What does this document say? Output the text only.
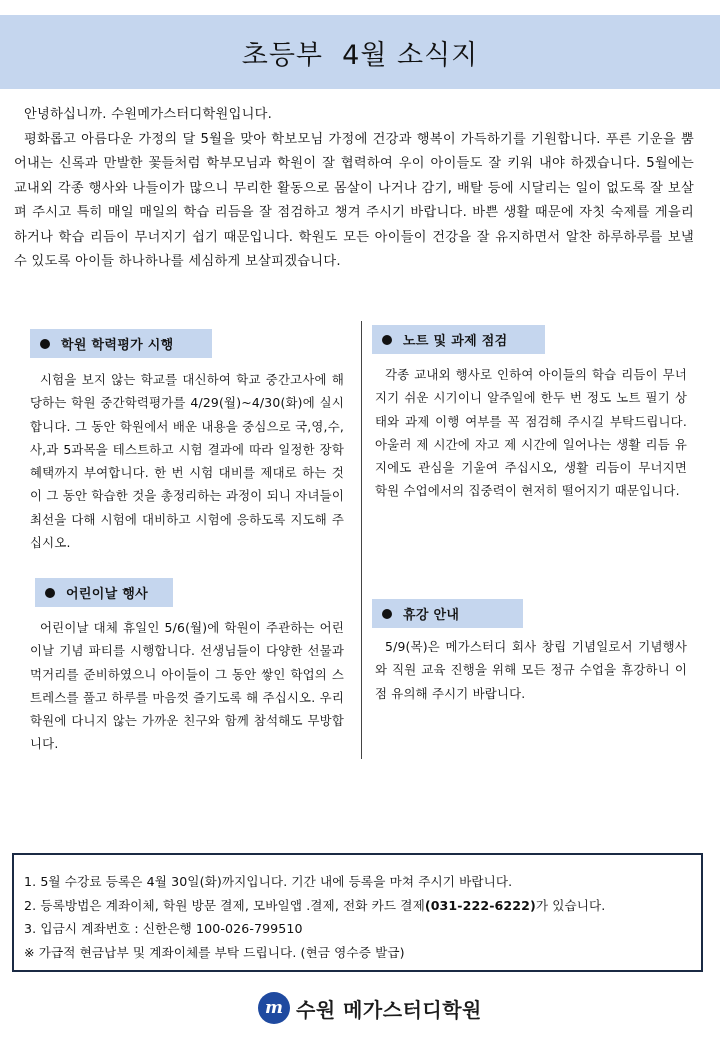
초등부  4월 소식지

안녕하십니까. 수원메가스터디학원입니다.

평화롭고 아름다운 가정의 달 5월을 맞아 학보모님 가정에 건강과 행복이 가득하기를 기원합니다. 푸른 기운을 뿜어내는 신록과 만발한 꽃들처럼 학부모님과 학원이 잘 협력하여 우이 아이들도 잘 키워 내야 하겠습니다. 5월에는 교내외 각종 행사와 나들이가 많으니 무리한 활동으로 몸살이 나거나 감기, 배탈 등에 시달리는 일이 없도록 잘 보살펴 주시고 특히 매일 매일의 학습 리듬을 잘 점검하고 챙겨 주시기 바랍니다. 바쁜 생활 때문에 자칫 숙제를 게을리하거나 학습 리듬이 무너지기 쉽기 때문입니다. 학원도 모든 아이들이 건강을 잘 유지하면서 알찬 하루하루를 보낼 수 있도록 아이들 하나하나를 세심하게 보살피겠습니다.

학원 학력평가 시행
시험을 보지 않는 학교를 대신하여 학교 중간고사에 해당하는 학원 중간학력평가를 4/29(월)~4/30(화)에 실시합니다. 그 동안 학원에서 배운 내용을 중심으로 국,영,수,사,과 5과목을 테스트하고 시험 결과에 따라 일정한 장학 혜택까지 부여합니다. 한 번 시험 대비를 제대로 하는 것이 그 동안 학습한 것을 총정리하는 과정이 되니 자녀들이 최선을 다해 시험에 대비하고 시험에 응하도록 지도해 주십시오.
어린이날 행사
어린이날 대체 휴일인 5/6(월)에 학원이 주관하는 어린이날 기념 파티를 시행합니다. 선생님들이 다양한 선물과 먹거리를 준비하였으니 아이들이 그 동안 쌓인 학업의 스트레스를 풀고 하루를 마음껏 즐기도록 해 주십시오. 우리 학원에 다니지 않는 가까운 친구와 함께 참석해도 무방합니다.
노트 및 과제 점검
각종 교내외 행사로 인하여 아이들의 학습 리듬이 무너지기 쉬운 시기이니 알주일에 한두 번 정도 노트 필기 상태와 과제 이행 여부를 꼭 점검해 주시길 부탁드립니다. 아울러 제 시간에 자고 제 시간에 일어나는 생활 리듬 유지에도 관심을 기울여 주십시오, 생활 리듬이 무너지면 학원 수업에서의 집중력이 현저히 떨어지기 때문입니다.
휴강 안내
5/9(목)은 메가스터디 회사 창립 기념일로서 기념행사와 직원 교육 진행을 위해 모든 정규 수업을 휴강하니 이 점 유의해 주시기 바랍니다.
1. 5월 수강료 등록은 4월 30일(화)까지입니다. 기간 내에 등록을 마쳐 주시기 바랍니다.
2. 등록방법은 계좌이체, 학원 방문 결제, 모바일앱 .결제, 전화 카드 결제(031-222-6222)가 있습니다.
3. 입금시 계좌번호 : 신한은행 100-026-799510
※ 가급적 현금납부 및 계좌이체를 부탁 드립니다. (현금 영수증 발급)
m 수원 메가스터디학원
